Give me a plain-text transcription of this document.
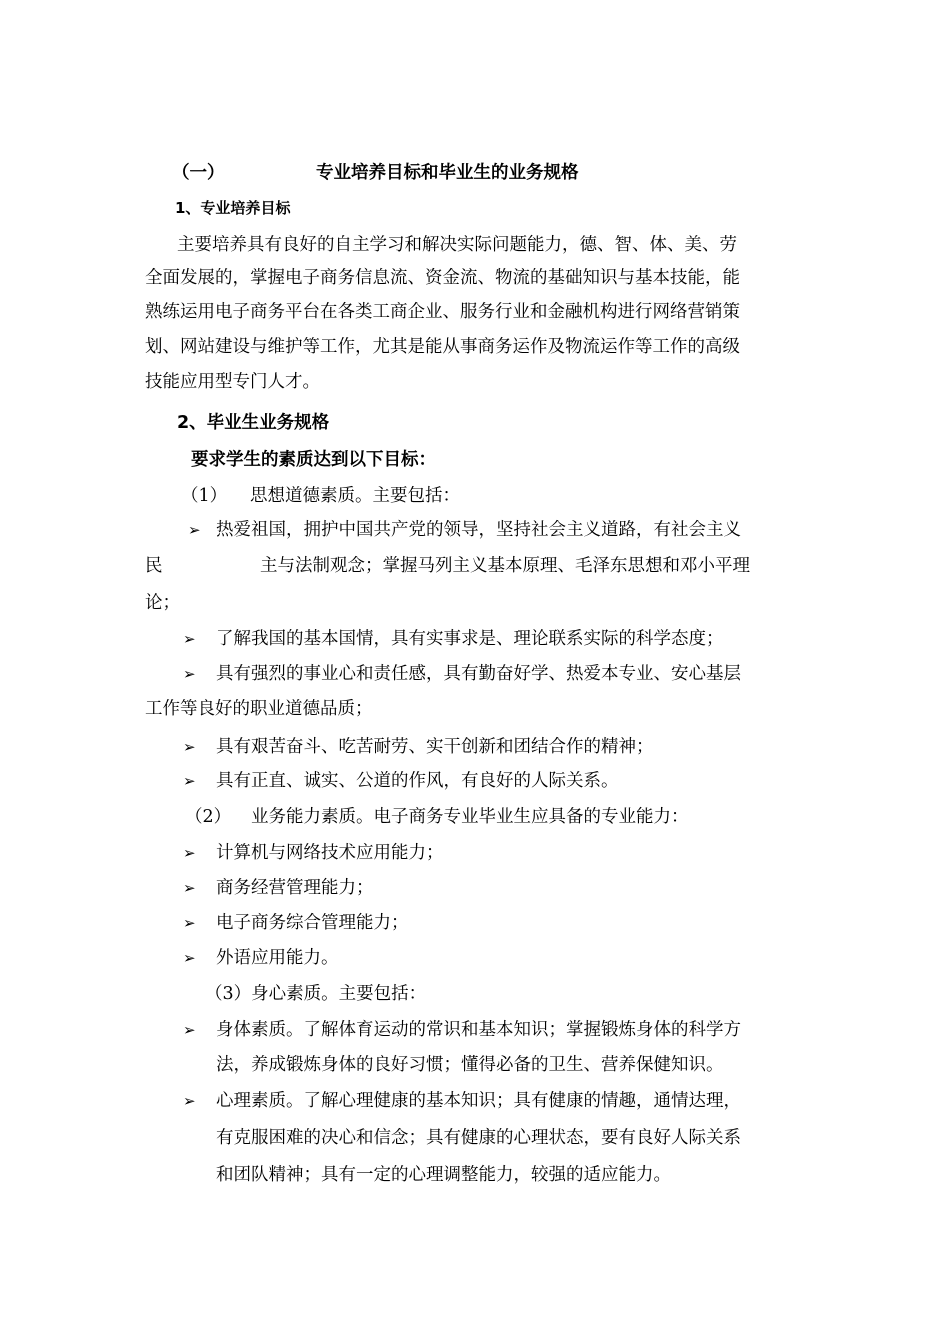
（一）	专业培养目标和毕业生的业务规格
1、专业培养目标
主要培养具有良好的自主学习和解决实际问题能力，德、智、体、美、劳
全面发展的，掌握电子商务信息流、资金流、物流的基础知识与基本技能，能
熟练运用电子商务平台在各类工商企业、服务行业和金融机构进行网络营销策
划、网站建设与维护等工作，尤其是能从事商务运作及物流运作等工作的高级
技能应用型专门人才。
2、毕业生业务规格
要求学生的素质达到以下目标：
（1） 思想道德素质。主要包括：
➢ 热爱祖国，拥护中国共产党的领导，坚持社会主义道路，有社会主义
民	主与法制观念；掌握马列主义基本原理、毛泽东思想和邓小平理
论；
➢ 了解我国的基本国情，具有实事求是、理论联系实际的科学态度；
➢ 具有强烈的事业心和责任感，具有勤奋好学、热爱本专业、安心基层
工作等良好的职业道德品质；
➢ 具有艰苦奋斗、吃苦耐劳、实干创新和团结合作的精神；
➢ 具有正直、诚实、公道的作风，有良好的人际关系。
（2） 业务能力素质。电子商务专业毕业生应具备的专业能力：
➢ 计算机与网络技术应用能力；
➢ 商务经营管理能力；
➢ 电子商务综合管理能力；
➢ 外语应用能力。
（3）身心素质。主要包括：
➢ 身体素质。了解体育运动的常识和基本知识；掌握锻炼身体的科学方
法，养成锻炼身体的良好习惯；懂得必备的卫生、营养保健知识。
➢ 心理素质。了解心理健康的基本知识；具有健康的情趣，通情达理，
有克服困难的决心和信念；具有健康的心理状态，要有良好人际关系
和团队精神；具有一定的心理调整能力，较强的适应能力。
